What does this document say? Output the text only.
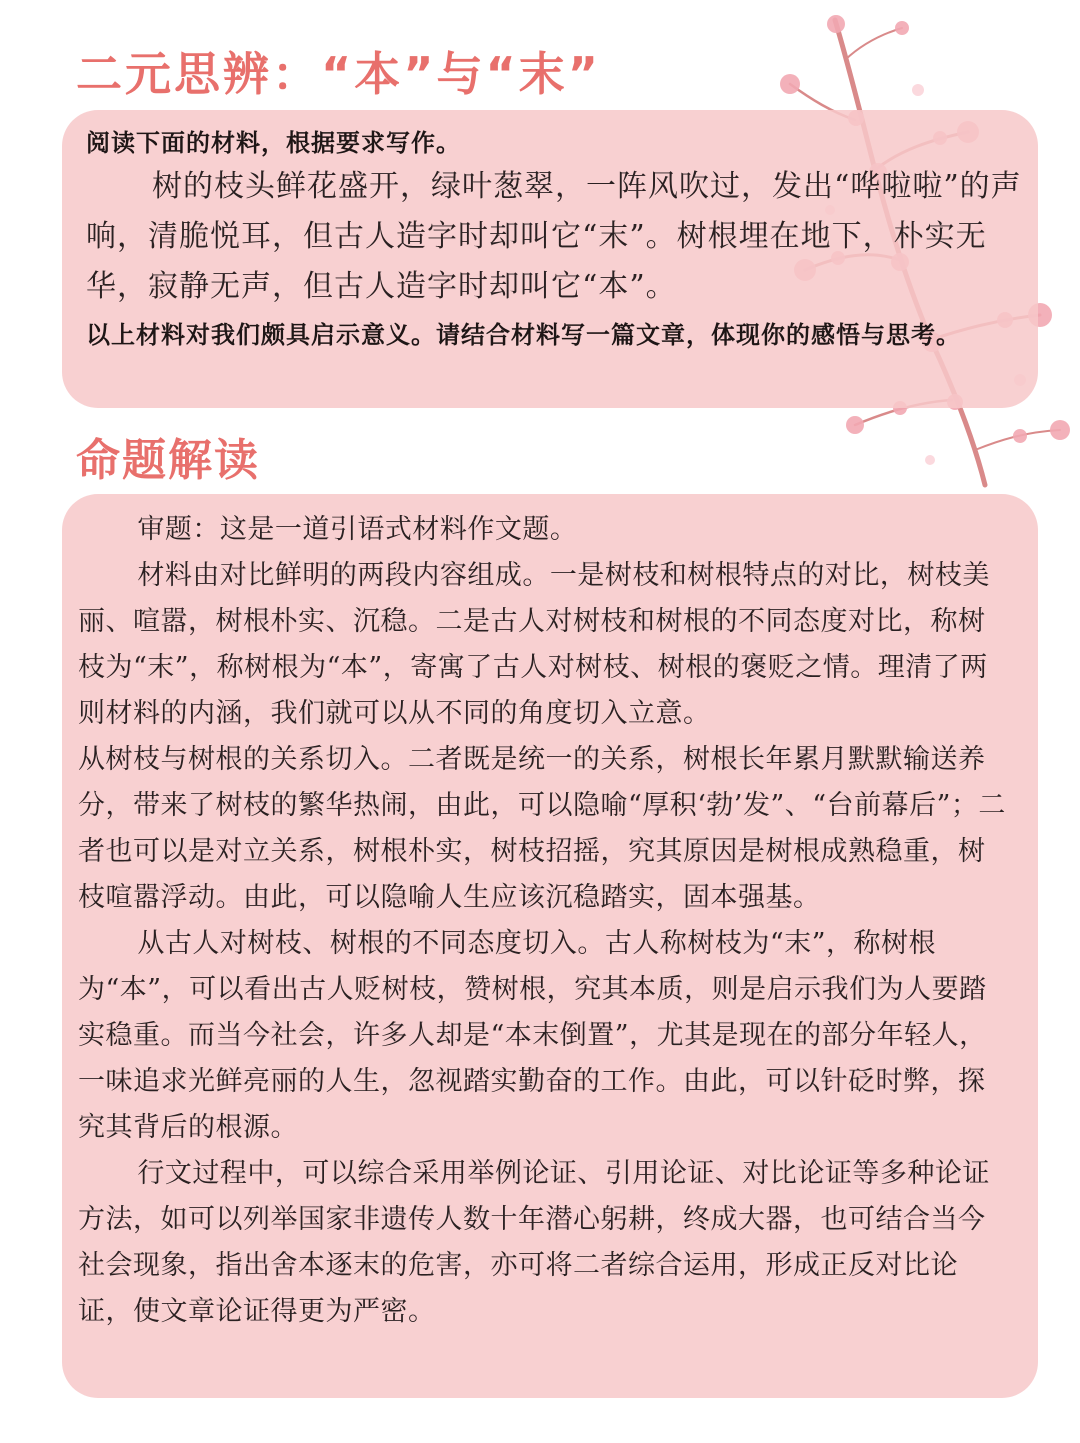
二元思辨：“本”与“末”

阅读下面的材料，根据要求写作。

树的枝头鲜花盛开，绿叶葱翠，一阵风吹过，发出“哗啦啦”的声响，清脆悦耳，但古人造字时却叫它“末”。树根埋在地下，朴实无华，寂静无声，但古人造字时却叫它“本”。

以上材料对我们颇具启示意义。请结合材料写一篇文章，体现你的感悟与思考。

命题解读

审题：这是一道引语式材料作文题。

材料由对比鲜明的两段内容组成。一是树枝和树根特点的对比，树枝美丽、喧嚣，树根朴实、沉稳。二是古人对树枝和树根的不同态度对比，称树枝为“末”，称树根为“本”，寄寓了古人对树枝、树根的褒贬之情。理清了两则材料的内涵，我们就可以从不同的角度切入立意。

从树枝与树根的关系切入。二者既是统一的关系，树根长年累月默默输送养分，带来了树枝的繁华热闹，由此，可以隐喻“厚积‘勃’发”、“台前幕后”；二者也可以是对立关系，树根朴实，树枝招摇，究其原因是树根成熟稳重，树枝喧嚣浮动。由此，可以隐喻人生应该沉稳踏实，固本强基。

从古人对树枝、树根的不同态度切入。古人称树枝为“末”，称树根为“本”，可以看出古人贬树枝，赞树根，究其本质，则是启示我们为人要踏实稳重。而当今社会，许多人却是“本末倒置”，尤其是现在的部分年轻人，一味追求光鲜亮丽的人生，忽视踏实勤奋的工作。由此，可以针砭时弊，探究其背后的根源。

行文过程中，可以综合采用举例论证、引用论证、对比论证等多种论证方法，如可以列举国家非遗传人数十年潜心躬耕，终成大器，也可结合当今社会现象，指出舍本逐末的危害，亦可将二者综合运用，形成正反对比论证，使文章论证得更为严密。
